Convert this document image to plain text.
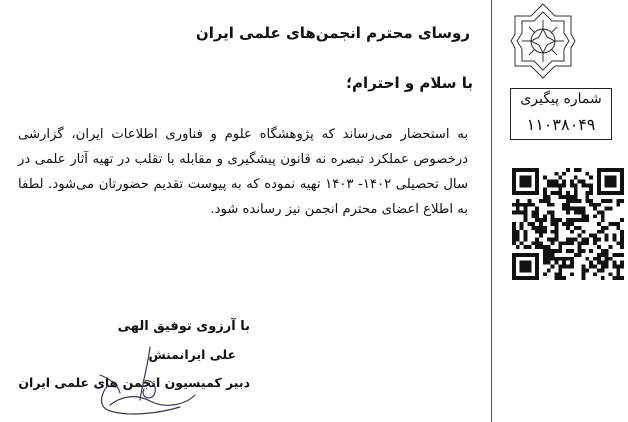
شماره پیگیری
۱۱۰۳۸۰۴۹
روسای محترم انجمن‌های علمی ایران
با سلام و احترام؛
به استحضار می‌رساند که پژوهشگاه علوم و فناوری اطلاعات ایران، گزارشی درخصوص عملکرد تبصره نه قانون پیشگیری و مقابله با تقلب در تهیه آثار علمی در سال تحصیلی ۱۴۰۲- ۱۴۰۳ تهیه نموده که به پیوست تقدیم حضورتان می‌شود. لطفا به اطلاع اعضای محترم انجمن نیز رسانده شود.
با آرزوی توفیق الهی
علی ایرانمنش
دبیر کمیسیون انجمن های علمی ایران
